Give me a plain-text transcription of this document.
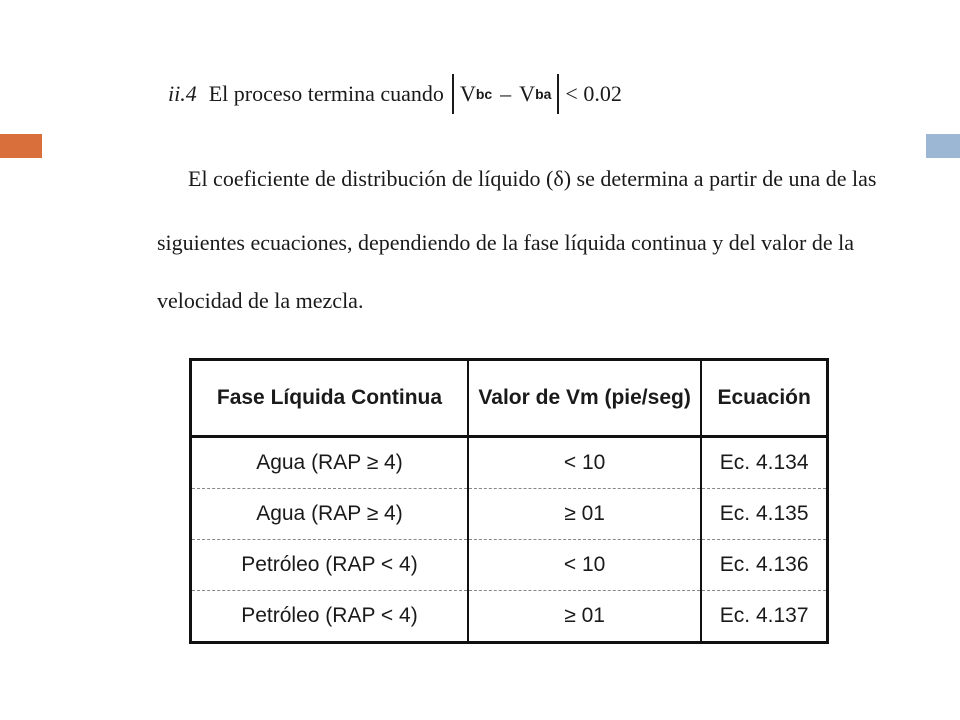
ii.4 El proceso termina cuando V bc – V ba < 0.02
El coeficiente de distribución de líquido (δ) se determina a partir de una de las
siguientes ecuaciones, dependiendo de la fase líquida continua y del valor de la
velocidad de la mezcla.
Fase Líquida Continua	Valor de Vm (pie/seg)	Ecuación
Agua (RAP ≥ 4)	< 10	Ec. 4.134
Agua (RAP ≥ 4)	≥ 01	Ec. 4.135
Petróleo (RAP < 4)	< 10	Ec. 4.136
Petróleo (RAP < 4)	≥ 01	Ec. 4.137
